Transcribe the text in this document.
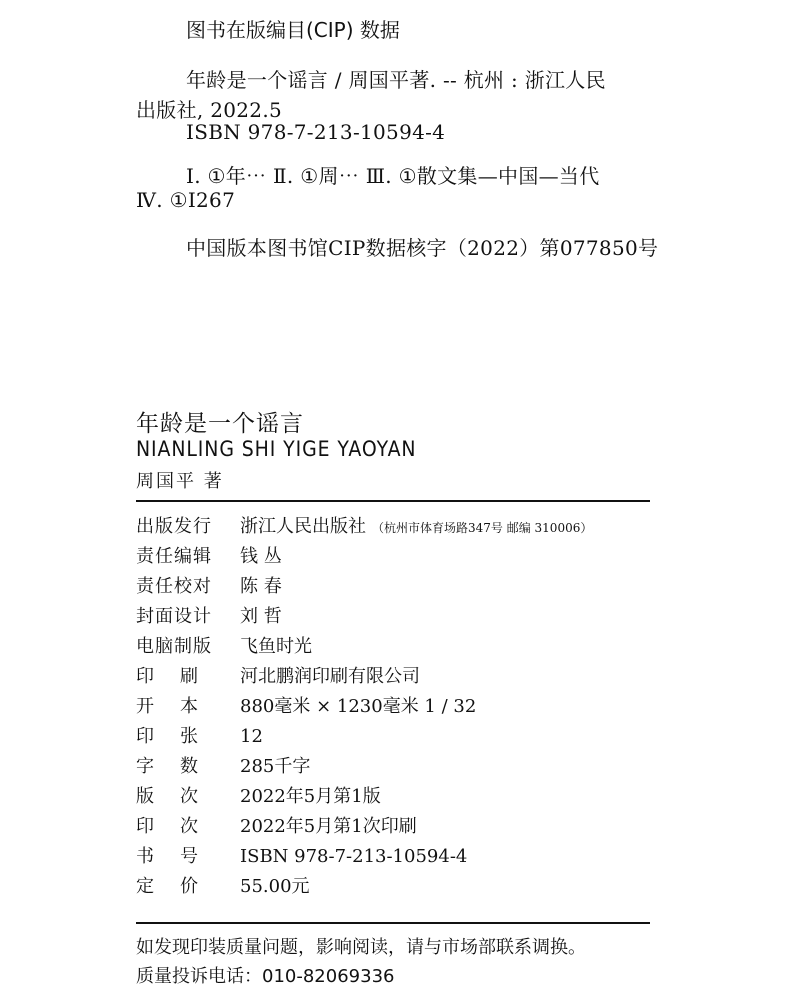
图书在版编目(CIP) 数据
年龄是一个谣言 / 周国平著. -- 杭州 : 浙江人民
出版社, 2022.5
ISBN 978-7-213-10594-4
Ⅰ. ①年⋯ Ⅱ. ①周⋯ Ⅲ. ①散文集—中国—当代
Ⅳ. ①I267
中国版本图书馆CIP数据核字（2022）第077850号
年龄是一个谣言
NIANLING SHI YIGE YAOYAN
周国平 著
出版发行 浙江人民出版社 （杭州市体育场路347号 邮编 310006）
责任编辑 钱 丛
责任校对 陈 春
封面设计 刘 哲
电脑制版 飞鱼时光
印刷 河北鹏润印刷有限公司
开本 880毫米 × 1230毫米 1 / 32
印张 12
字数 285千字
版次 2022年5月第1版
印次 2022年5月第1次印刷
书号 ISBN 978-7-213-10594-4
定价 55.00元
如发现印装质量问题，影响阅读，请与市场部联系调换。
质量投诉电话：010-82069336
